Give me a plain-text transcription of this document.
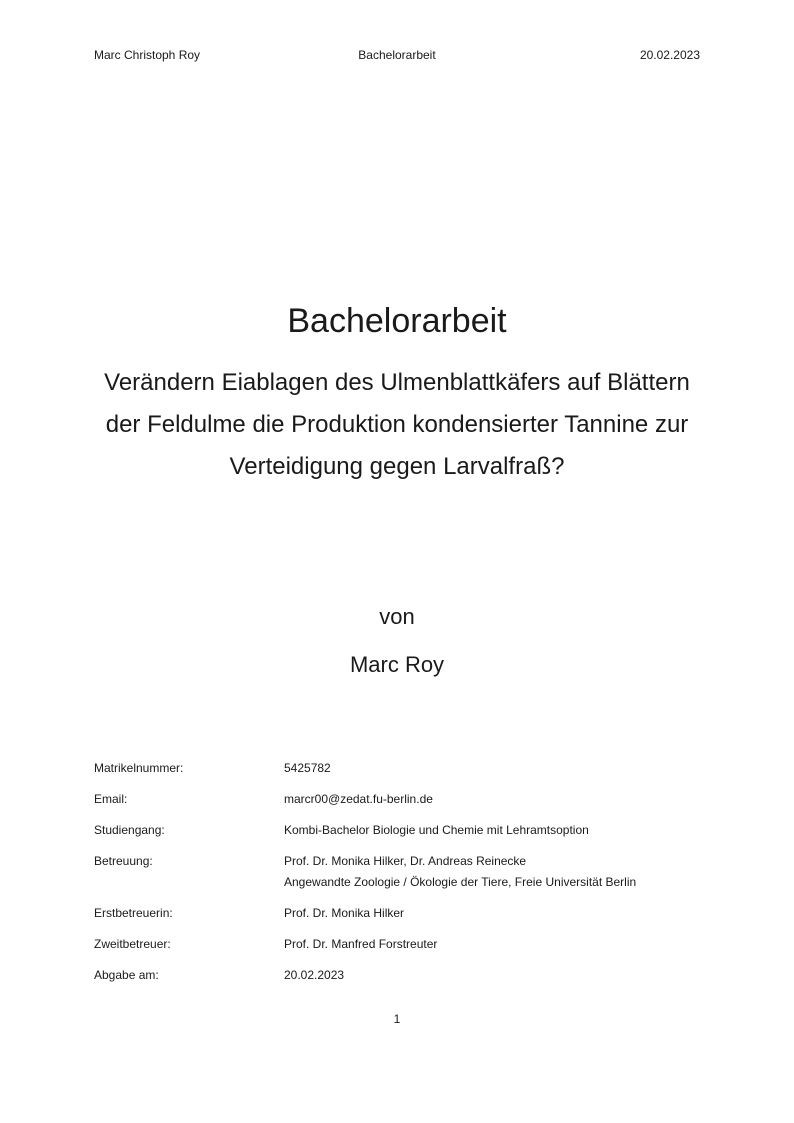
Marc Christoph Roy	Bachelorarbeit	20.02.2023
Bachelorarbeit
Verändern Eiablagen des Ulmenblattkäfers auf Blättern der Feldulme die Produktion kondensierter Tannine zur Verteidigung gegen Larvalfraß?
von
Marc Roy
Matrikelnummer:	5425782
Email:	marcr00@zedat.fu-berlin.de
Studiengang:	Kombi-Bachelor Biologie und Chemie mit Lehramtsoption
Betreuung:	Prof. Dr. Monika Hilker, Dr. Andreas Reinecke
Angewandte Zoologie / Ökologie der Tiere, Freie Universität Berlin
Erstbetreuerin:	Prof. Dr. Monika Hilker
Zweitbetreuer:	Prof. Dr. Manfred Forstreuter
Abgabe am:	20.02.2023
1
